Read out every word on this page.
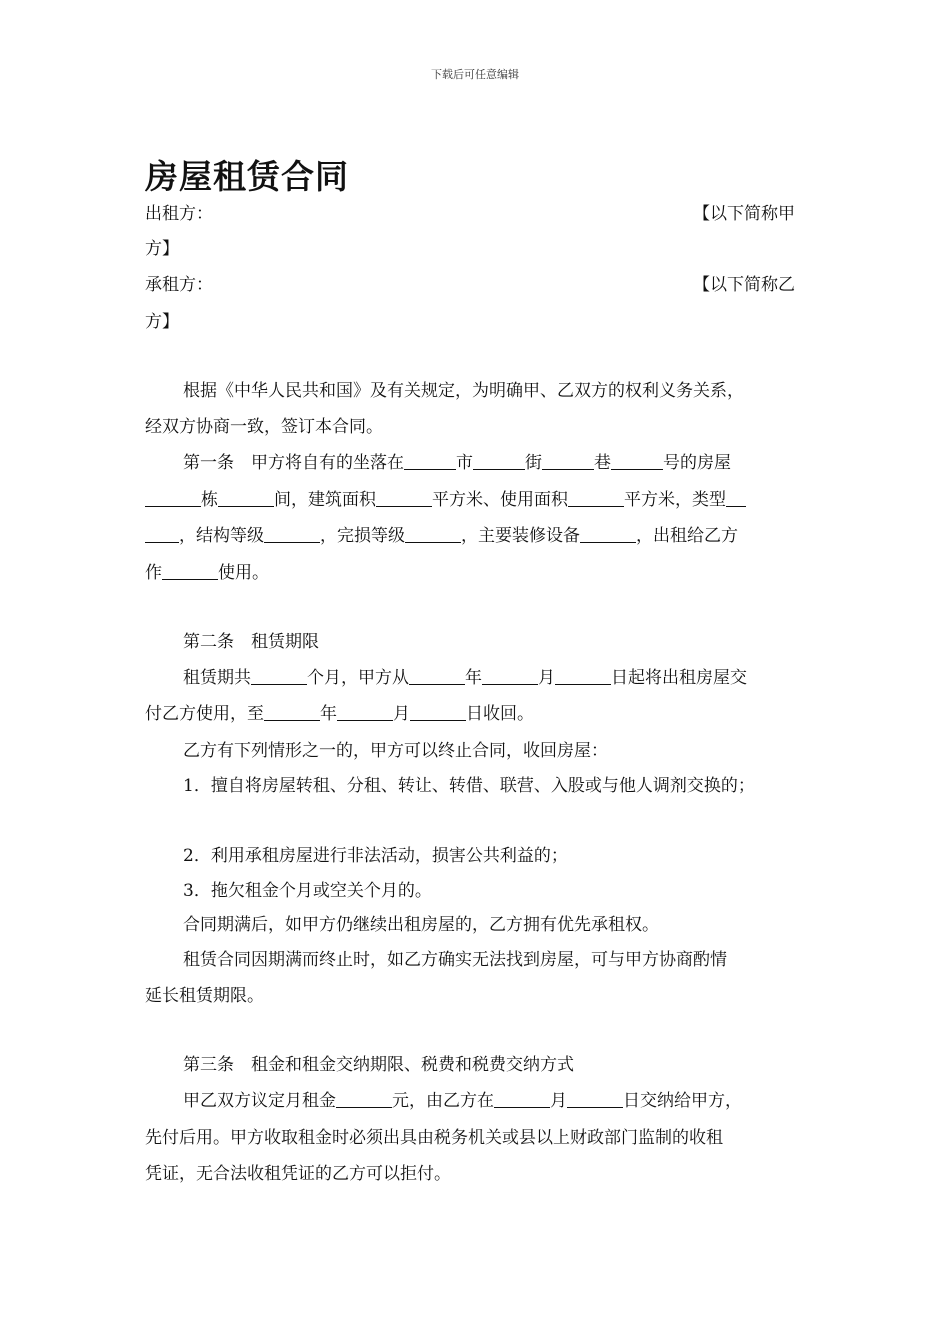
下载后可任意编辑
房屋租赁合同
出租方：	【以下简称甲
方】
承租方：	【以下简称乙
方】
根据《中华人民共和国》及有关规定，为明确甲、乙双方的权利义务关系，
经双方协商一致，签订本合同。
第一条　甲方将自有的坐落在	市	街	巷	号的房屋
栋	间，建筑面积	平方米、使用面积	平方米，类型
，结构等级	，完损等级	，主要装修设备	，出租给乙方
作	使用。
第二条　租赁期限
租赁期共	个月，甲方从	年	月	日起将出租房屋交
付乙方使用，至	年	月	日收回。
乙方有下列情形之一的，甲方可以终止合同，收回房屋：
1．擅自将房屋转租、分租、转让、转借、联营、入股或与他人调剂交换的；
2．利用承租房屋进行非法活动，损害公共利益的；
3．拖欠租金个月或空关个月的。
合同期满后，如甲方仍继续出租房屋的，乙方拥有优先承租权。
租赁合同因期满而终止时，如乙方确实无法找到房屋，可与甲方协商酌情
延长租赁期限。
第三条　租金和租金交纳期限、税费和税费交纳方式
甲乙双方议定月租金	元，由乙方在	月	日交纳给甲方，
先付后用。甲方收取租金时必须出具由税务机关或县以上财政部门监制的收租
凭证，无合法收租凭证的乙方可以拒付。
